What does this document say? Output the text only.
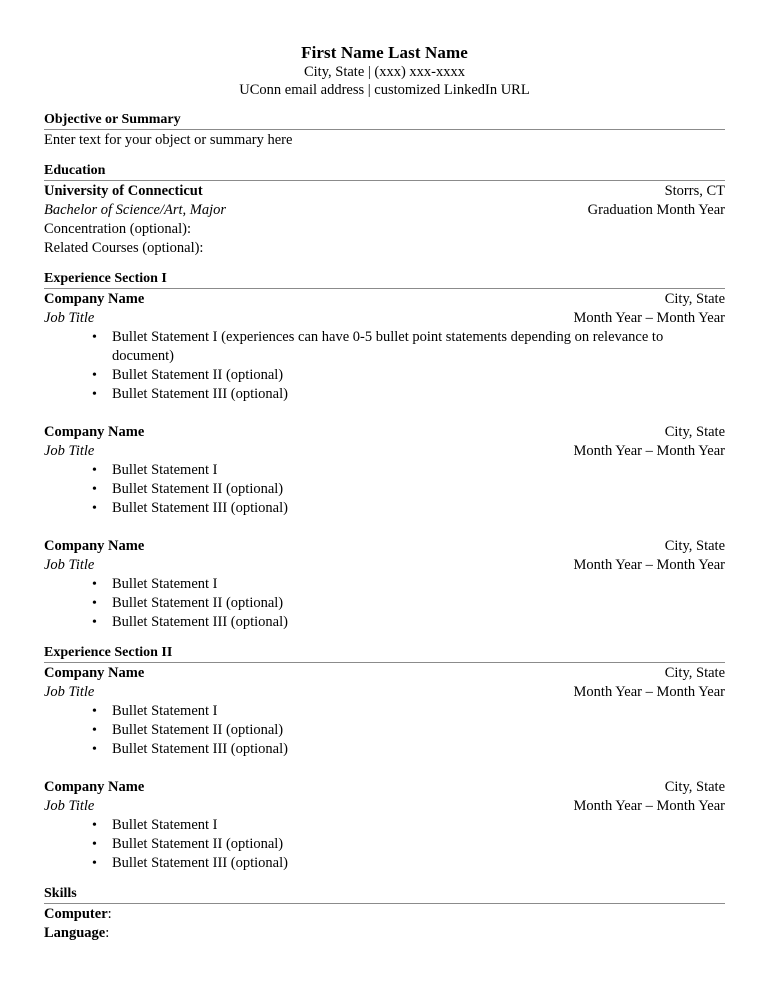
First Name Last Name
City, State | (xxx) xxx-xxxx
UConn email address | customized LinkedIn URL
Objective or Summary
Enter text for your object or summary here
Education
University of Connecticut	Storrs, CT
Bachelor of Science/Art, Major	Graduation Month Year
Concentration (optional):
Related Courses (optional):
Experience Section I
Company Name	City, State
Job Title	Month Year – Month Year
• Bullet Statement I (experiences can have 0-5 bullet point statements depending on relevance to document)
• Bullet Statement II (optional)
• Bullet Statement III (optional)
Company Name	City, State
Job Title	Month Year – Month Year
• Bullet Statement I
• Bullet Statement II (optional)
• Bullet Statement III (optional)
Company Name	City, State
Job Title	Month Year – Month Year
• Bullet Statement I
• Bullet Statement II (optional)
• Bullet Statement III (optional)
Experience Section II
Company Name	City, State
Job Title	Month Year – Month Year
• Bullet Statement I
• Bullet Statement II (optional)
• Bullet Statement III (optional)
Company Name	City, State
Job Title	Month Year – Month Year
• Bullet Statement I
• Bullet Statement II (optional)
• Bullet Statement III (optional)
Skills
Computer:
Language:
